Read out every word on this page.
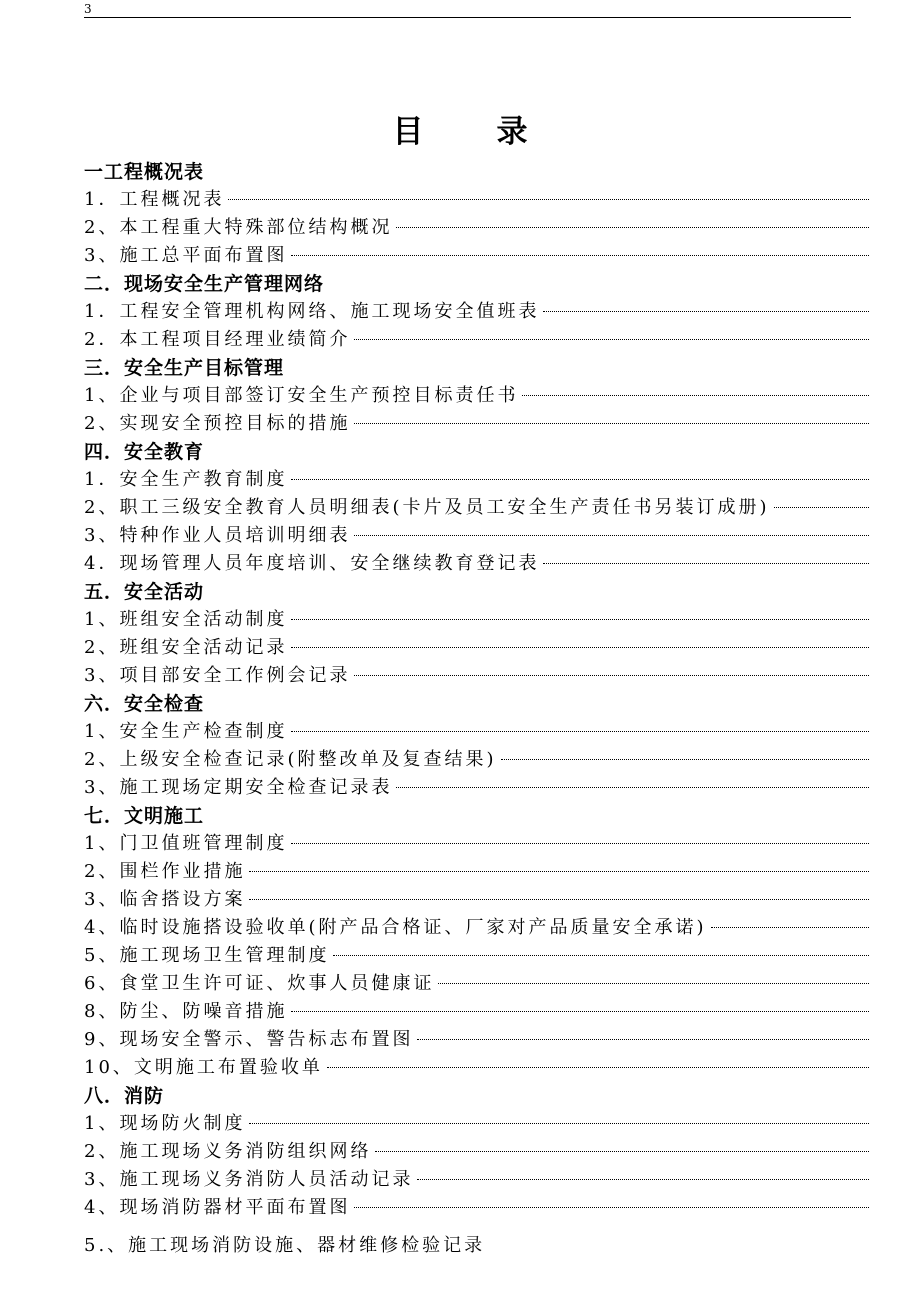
3
目 录
一工程概况表
1．工程概况表
2、本工程重大特殊部位结构概况
3、施工总平面布置图
二．现场安全生产管理网络
1．工程安全管理机构网络、施工现场安全值班表
2．本工程项目经理业绩简介
三．安全生产目标管理
1、企业与项目部签订安全生产预控目标责任书
2、实现安全预控目标的措施
四．安全教育
1．安全生产教育制度
2、职工三级安全教育人员明细表(卡片及员工安全生产责任书另装订成册)
3、特种作业人员培训明细表
4．现场管理人员年度培训、安全继续教育登记表
五．安全活动
1、班组安全活动制度
2、班组安全活动记录
3、项目部安全工作例会记录
六．安全检查
1、安全生产检查制度
2、上级安全检查记录(附整改单及复查结果)
3、施工现场定期安全检查记录表
七．文明施工
1、门卫值班管理制度
2、围栏作业措施
3、临舍搭设方案
4、临时设施搭设验收单(附产品合格证、厂家对产品质量安全承诺)
5、施工现场卫生管理制度
6、食堂卫生许可证、炊事人员健康证
8、防尘、防噪音措施
9、现场安全警示、警告标志布置图
10、文明施工布置验收单
八．消防
1、现场防火制度
2、施工现场义务消防组织网络
3、施工现场义务消防人员活动记录
4、现场消防器材平面布置图
5.、施工现场消防设施、器材维修检验记录
